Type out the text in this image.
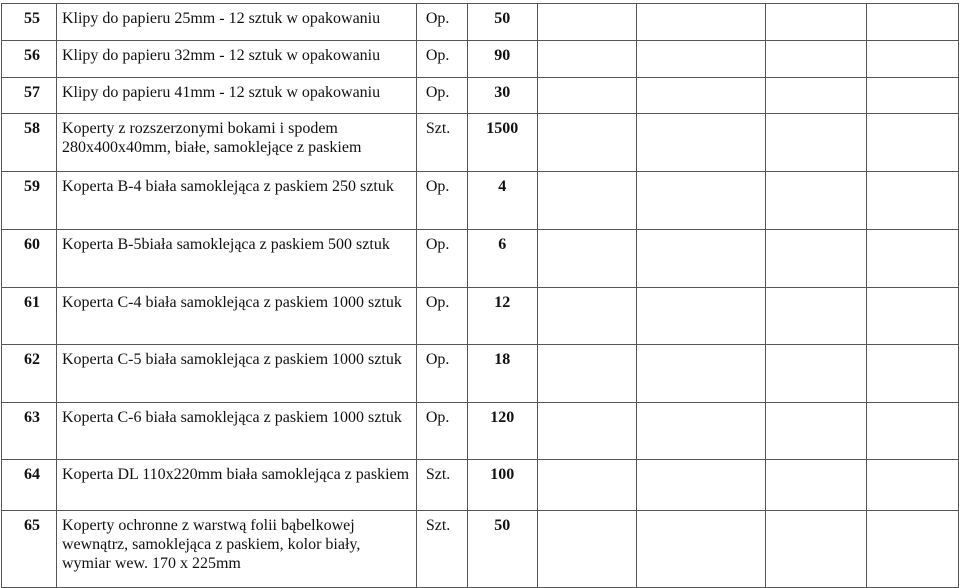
55	Klipy do papieru 25mm - 12 sztuk w opakowaniu	Op.	50				
56	Klipy do papieru 32mm - 12 sztuk w opakowaniu	Op.	90				
57	Klipy do papieru 41mm - 12 sztuk w opakowaniu	Op.	30				
58	Koperty z rozszerzonymi bokami i spodem 280x400x40mm, białe, samoklejące z paskiem	Szt.	1500				
59	Koperta B-4 biała samoklejąca z paskiem 250 sztuk	Op.	4				
60	Koperta B-5biała samoklejąca z paskiem 500 sztuk	Op.	6				
61	Koperta C-4 biała samoklejąca z paskiem 1000 sztuk	Op.	12				
62	Koperta C-5 biała samoklejąca z paskiem 1000 sztuk	Op.	18				
63	Koperta C-6 biała samoklejąca z paskiem 1000 sztuk	Op.	120				
64	Koperta DL 110x220mm biała samoklejąca z paskiem	Szt.	100				
65	Koperty ochronne z warstwą folii bąbelkowej wewnątrz, samoklejąca z paskiem, kolor biały, wymiar wew. 170 x 225mm	Szt.	50				
